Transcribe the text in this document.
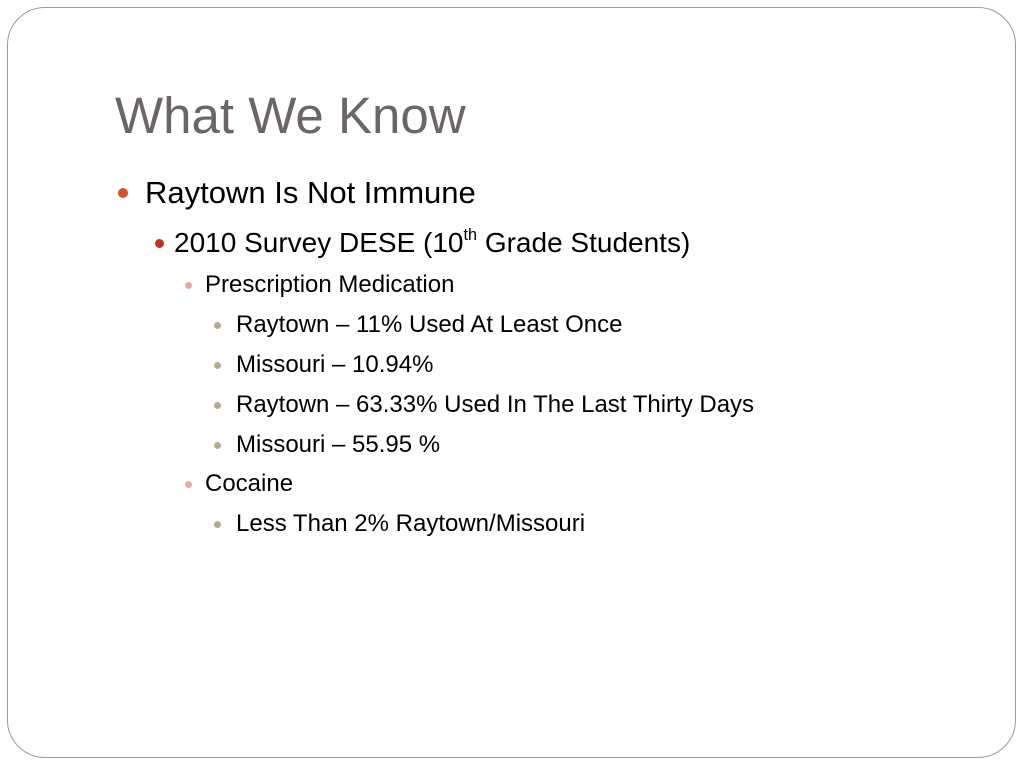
What We Know
Raytown Is Not Immune
2010 Survey DESE (10th Grade Students)
Prescription Medication
Raytown – 11% Used At Least Once
Missouri – 10.94%
Raytown – 63.33% Used In The Last Thirty Days
Missouri – 55.95 %
Cocaine
Less Than 2% Raytown/Missouri
